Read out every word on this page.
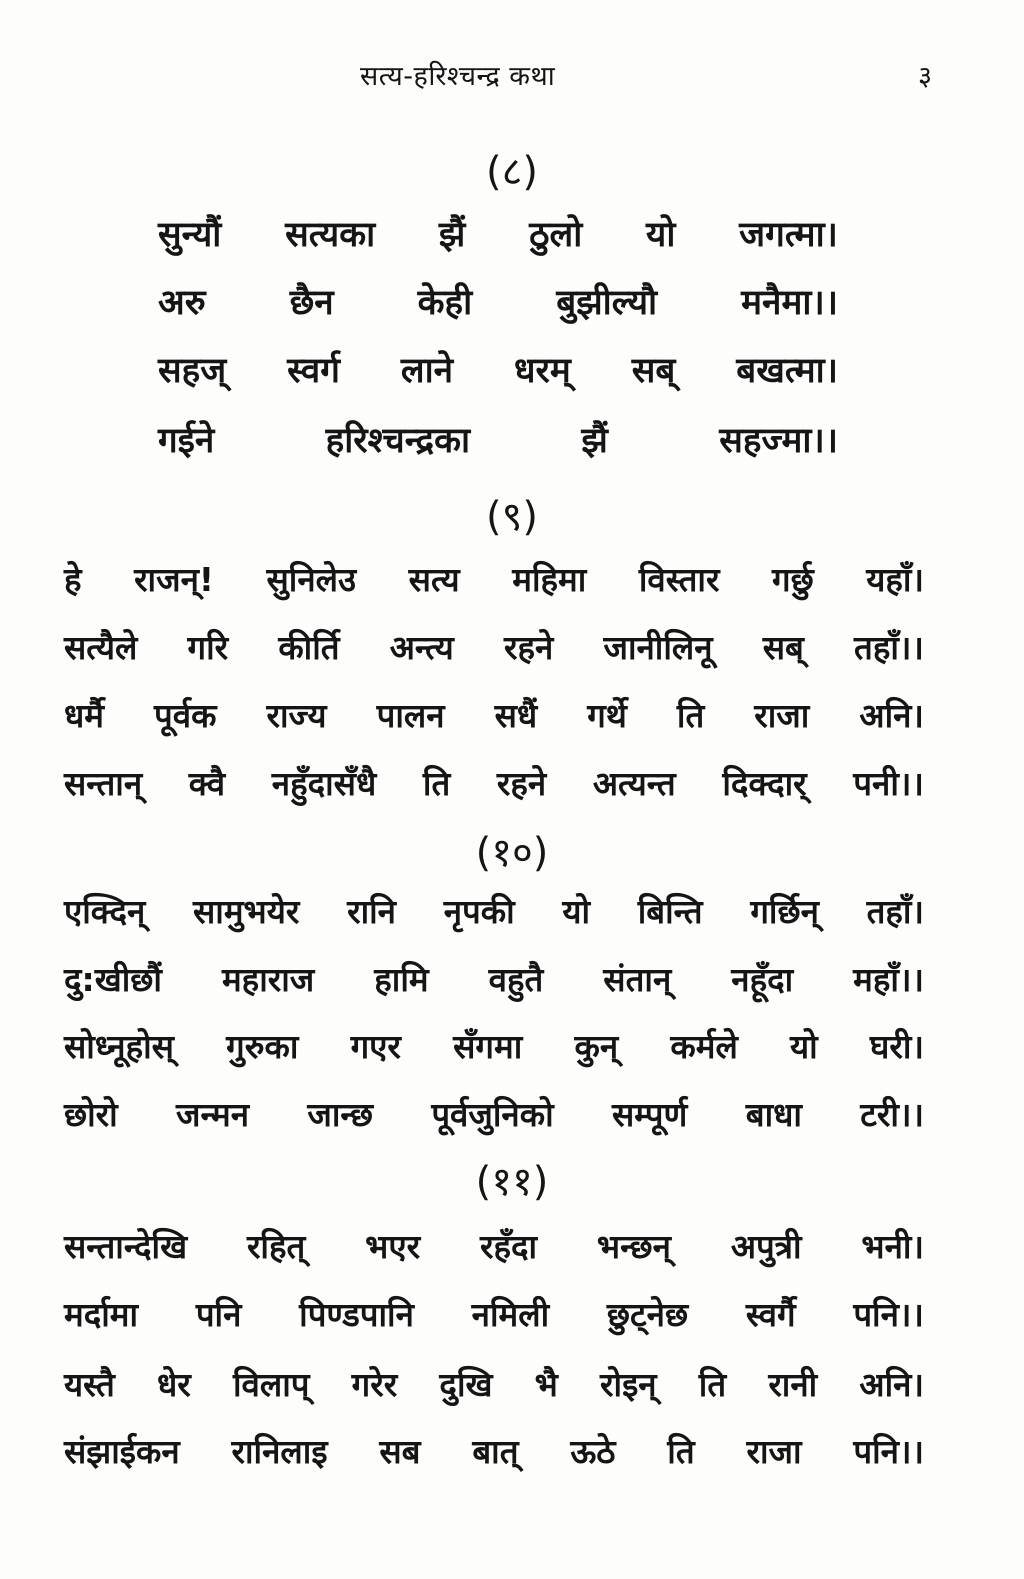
सत्य-हरिश्चन्द्र कथा	३
(८)
सुन्यौं सत्यका झैं ठुलो यो जगत्मा।
अरु छैन केही बुझील्यौ मनैमा।।
सहज् स्वर्ग लाने धरम् सब् बखत्मा।
गईने	हरिश्चन्द्रका	झैं	सहज्मा।।
(९)
हे राजन्! सुनिलेउ सत्य महिमा विस्तार गर्छु यहाँ।
सत्यैले गरि कीर्ति अन्त्य रहने जानीलिनू सब् तहाँ।।
धर्मै पूर्वक राज्य पालन सधैं गर्थे ति राजा अनि।
सन्तान् क्वै नहुँदासँधै ति रहने अत्यन्त दिक्दार् पनी।।
(१०)
एक्दिन् सामुभयेर रानि नृपकी यो बिन्ति गर्छिन् तहाँ।
दु:खीछौं महाराज हामि वहुतै संतान् नहूँदा महाँ।।
सोध्नूहोस् गुरुका गएर सँगमा कुन् कर्मले यो घरी।
छोरो जन्मन जान्छ पूर्वजुनिको सम्पूर्ण बाधा टरी।।
(११)
सन्तान्देखि रहित् भएर रहँदा भन्छन् अपुत्री भनी।
मर्दामा पनि पिण्डपानि नमिली छुट्नेछ स्वर्गै पनि।।
यस्तै धेर विलाप् गरेर दुखि भै रोइन् ति रानी अनि।
संझाईकन रानिलाइ सब बात् ऊठे ति राजा पनि।।
